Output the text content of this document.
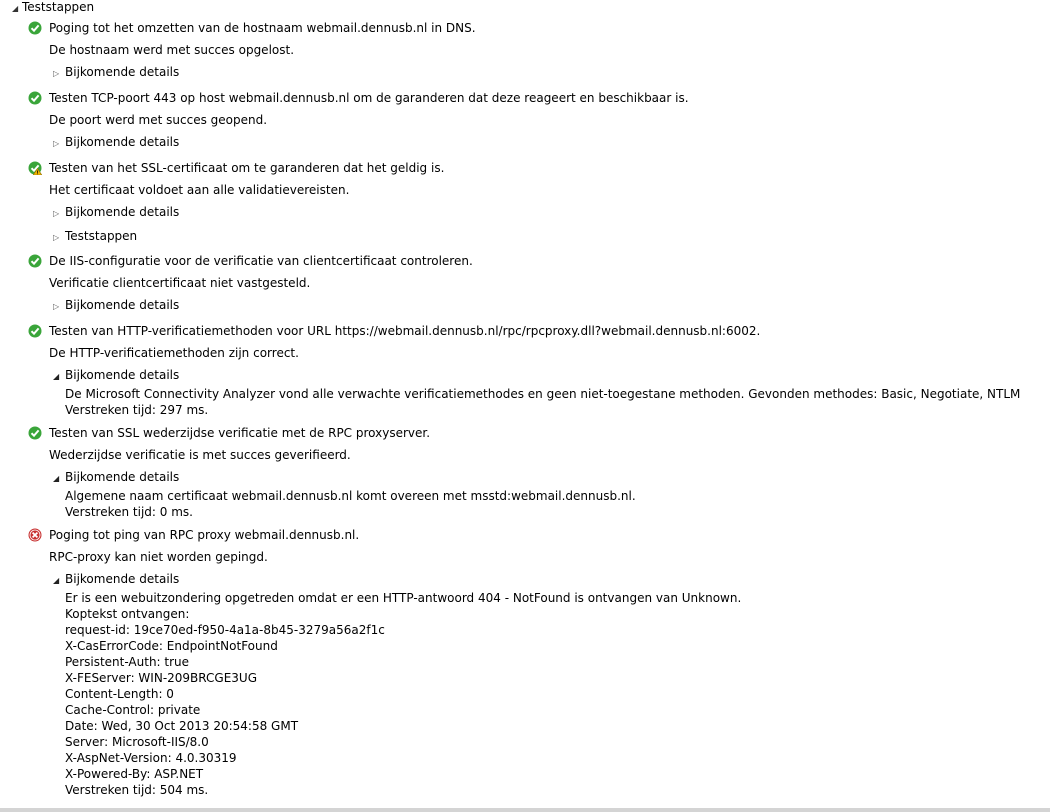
◢ Teststappen
Poging tot het omzetten van de hostnaam webmail.dennusb.nl in DNS.
De hostnaam werd met succes opgelost.
▷ Bijkomende details
Testen TCP-poort 443 op host webmail.dennusb.nl om de garanderen dat deze reageert en beschikbaar is.
De poort werd met succes geopend.
▷ Bijkomende details
Testen van het SSL-certificaat om te garanderen dat het geldig is.
Het certificaat voldoet aan alle validatievereisten.
▷ Bijkomende details
▷ Teststappen
De IIS-configuratie voor de verificatie van clientcertificaat controleren.
Verificatie clientcertificaat niet vastgesteld.
▷ Bijkomende details
Testen van HTTP-verificatiemethoden voor URL https://webmail.dennusb.nl/rpc/rpcproxy.dll?webmail.dennusb.nl:6002.
De HTTP-verificatiemethoden zijn correct.
◢ Bijkomende details
De Microsoft Connectivity Analyzer vond alle verwachte verificatiemethodes en geen niet-toegestane methoden. Gevonden methodes: Basic, Negotiate, NTLM
Verstreken tijd: 297 ms.
Testen van SSL wederzijdse verificatie met de RPC proxyserver.
Wederzijdse verificatie is met succes geverifieerd.
◢ Bijkomende details
Algemene naam certificaat webmail.dennusb.nl komt overeen met msstd:webmail.dennusb.nl.
Verstreken tijd: 0 ms.
Poging tot ping van RPC proxy webmail.dennusb.nl.
RPC-proxy kan niet worden gepingd.
◢ Bijkomende details
Er is een webuitzondering opgetreden omdat er een HTTP-antwoord 404 - NotFound is ontvangen van Unknown.
Koptekst ontvangen:
request-id: 19ce70ed-f950-4a1a-8b45-3279a56a2f1c
X-CasErrorCode: EndpointNotFound
Persistent-Auth: true
X-FEServer: WIN-209BRCGE3UG
Content-Length: 0
Cache-Control: private
Date: Wed, 30 Oct 2013 20:54:58 GMT
Server: Microsoft-IIS/8.0
X-AspNet-Version: 4.0.30319
X-Powered-By: ASP.NET
Verstreken tijd: 504 ms.
